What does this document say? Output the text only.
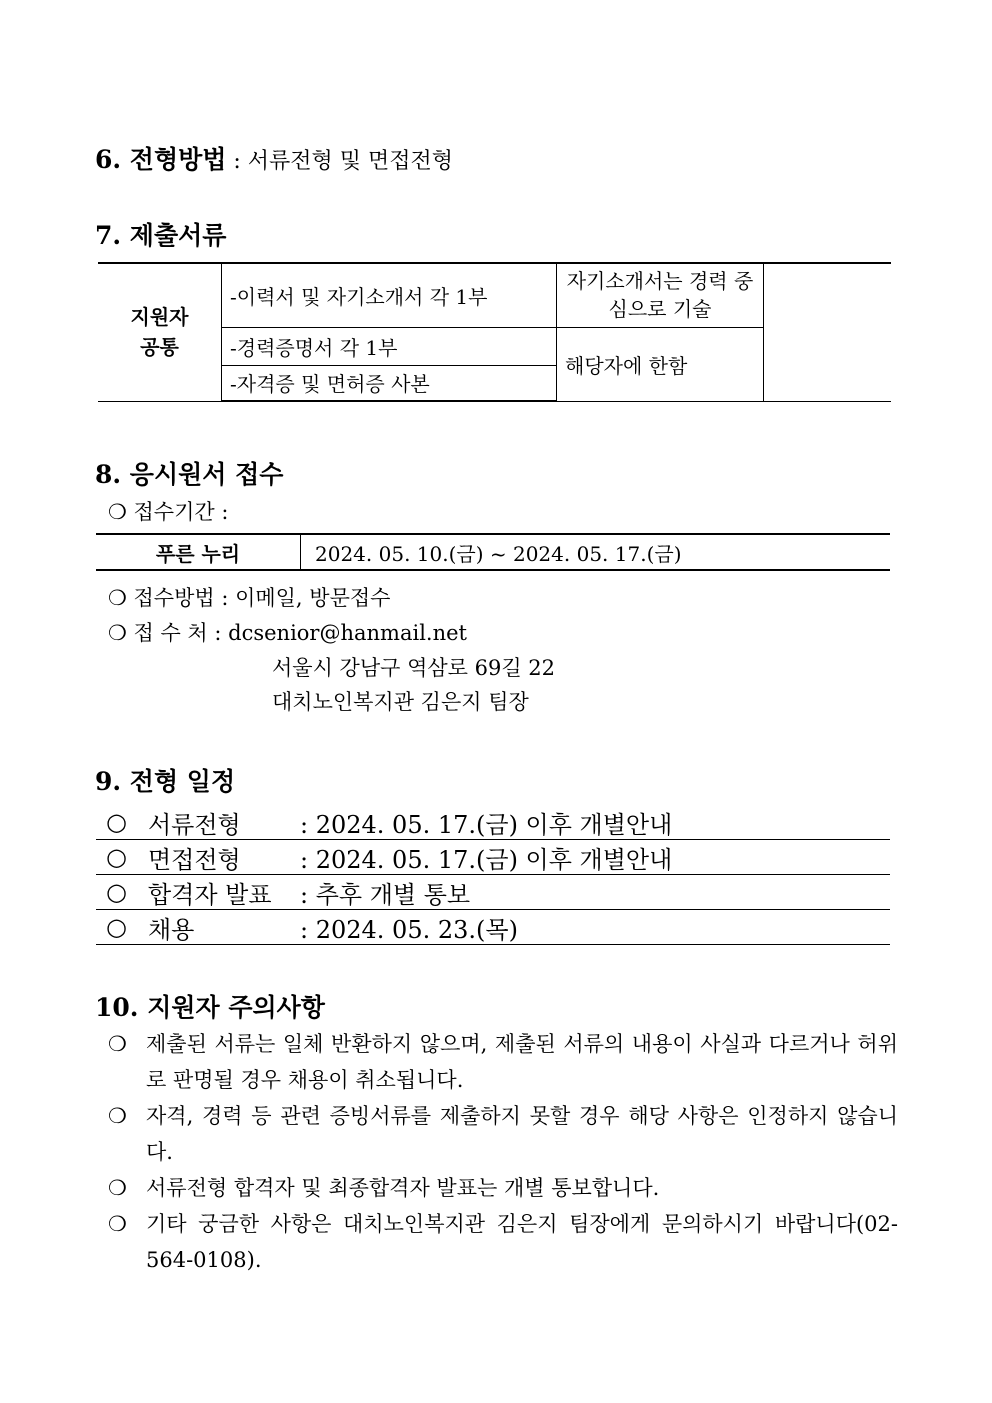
6. 전형방법 : 서류전형 및 면접전형
7. 제출서류
지원자
공통	-이력서 및 자기소개서 각 1부	자기소개서는 경력 중심으로 기술	
	-경력증명서 각 1부	해당자에 한함	
	-자격증 및 면허증 사본		
8. 응시원서 접수
❍ 접수기간 :
푸른 누리	2024. 05. 10.(금) ~ 2024. 05. 17.(금)
❍ 접수방법 : 이메일, 방문접수
❍ 접 수 처 : dcsenior@hanmail.net
서울시 강남구 역삼로 69길 22
대치노인복지관 김은지 팀장
9. 전형 일정
○ 서류전형	: 2024. 05. 17.(금) 이후 개별안내
○ 면접전형	: 2024. 05. 17.(금) 이후 개별안내
○ 합격자 발표	: 추후 개별 통보
○ 채용	: 2024. 05. 23.(목)
10. 지원자 주의사항
❍ 제출된 서류는 일체 반환하지 않으며, 제출된 서류의 내용이 사실과 다르거나 허위로 판명될 경우 채용이 취소됩니다.
❍ 자격, 경력 등 관련 증빙서류를 제출하지 못할 경우 해당 사항은 인정하지 않습니다.
❍ 서류전형 합격자 및 최종합격자 발표는 개별 통보합니다.
❍ 기타 궁금한 사항은 대치노인복지관 김은지 팀장에게 문의하시기 바랍니다(02-564-0108).
